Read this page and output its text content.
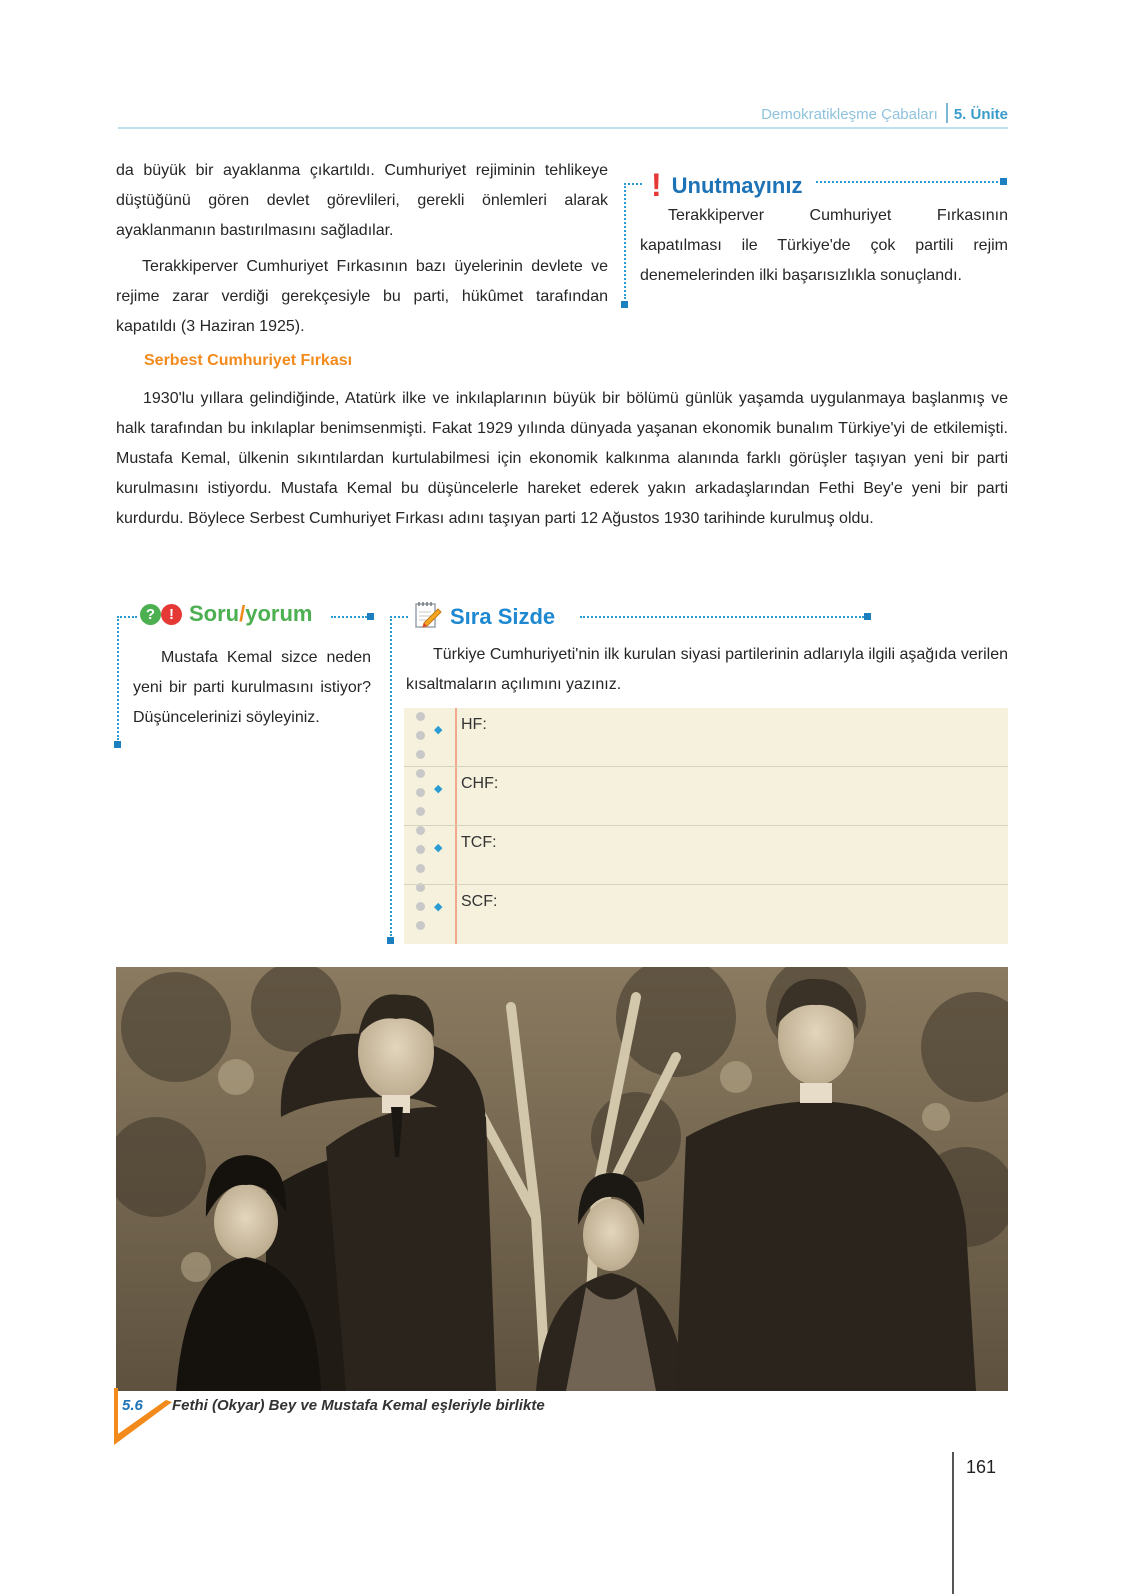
Demokratikleşme Çabaları 5. Ünite

da büyük bir ayaklanma çıkartıldı. Cumhuriyet rejiminin tehlikeye düştüğünü gören devlet görevlileri, gerekli önlemleri alarak ayaklanmanın bastırılmasını sağladılar.

Terakkiperver Cumhuriyet Fırkasının bazı üyelerinin devlete ve rejime zarar verdiği gerekçesiyle bu parti, hükûmet tarafından kapatıldı (3 Haziran 1925).

! Unutmayınız

Terakkiperver Cumhuriyet Fırkasının kapatılması ile Türkiye'de çok partili rejim denemelerinden ilki başarısızlıkla sonuçlandı.

Serbest Cumhuriyet Fırkası

1930'lu yıllara gelindiğinde, Atatürk ilke ve inkılaplarının büyük bir bölümü günlük yaşamda uygulanmaya başlanmış ve halk tarafından bu inkılaplar benimsenmişti. Fakat 1929 yılında dünyada yaşanan ekonomik bunalım Türkiye'yi de etkilemişti. Mustafa Kemal, ülkenin sıkıntılardan kurtulabilmesi için ekonomik kalkınma alanında farklı görüşler taşıyan yeni bir parti kurulmasını istiyordu. Mustafa Kemal bu düşüncelerle hareket ederek yakın arkadaşlarından Fethi Bey'e yeni bir parti kurdurdu. Böylece Serbest Cumhuriyet Fırkası adını taşıyan parti 12 Ağustos 1930 tarihinde kurulmuş oldu.

? ! Soru/yorum

Mustafa Kemal sizce neden yeni bir parti kurulmasını istiyor? Düşüncelerinizi söyleyiniz.

Sıra Sizde

Türkiye Cumhuriyeti'nin ilk kurulan siyasi partilerinin adlarıyla ilgili aşağıda verilen kısaltmaların açılımını yazınız.

◆ HF:
◆ CHF:
◆ TCF:
◆ SCF:
5.6 Fethi (Okyar) Bey ve Mustafa Kemal eşleriyle birlikte
161
